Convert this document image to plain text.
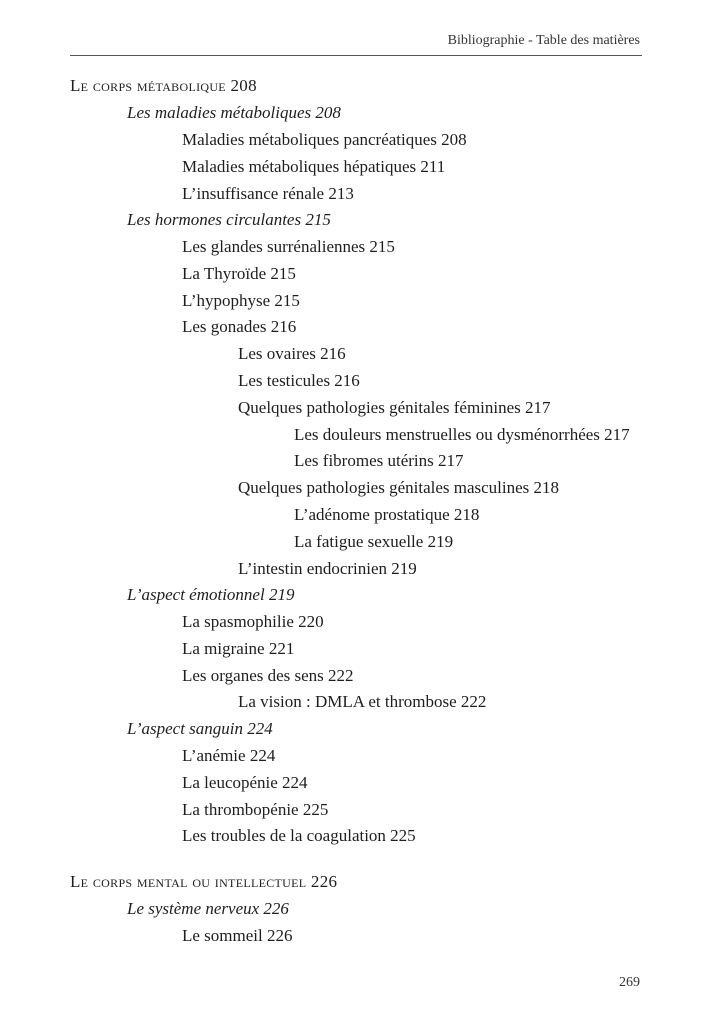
Bibliographie - Table des matières
Le corps métabolique 208
Les maladies métaboliques 208
Maladies métaboliques pancréatiques 208
Maladies métaboliques hépatiques 211
L’insuffisance rénale 213
Les hormones circulantes 215
Les glandes surrénaliennes 215
La Thyroïde 215
L’hypophyse 215
Les gonades 216
Les ovaires 216
Les testicules 216
Quelques pathologies génitales féminines 217
Les douleurs menstruelles ou dysménorrhées 217
Les fibromes utérins 217
Quelques pathologies génitales masculines 218
L’adénome prostatique 218
La fatigue sexuelle 219
L’intestin endocrinien 219
L’aspect émotionnel 219
La spasmophilie 220
La migraine 221
Les organes des sens 222
La vision : DMLA et thrombose 222
L’aspect sanguin 224
L’anémie 224
La leucopénie 224
La thrombopénie 225
Les troubles de la coagulation 225
Le corps mental ou intellectuel 226
Le système nerveux 226
Le sommeil 226
269
